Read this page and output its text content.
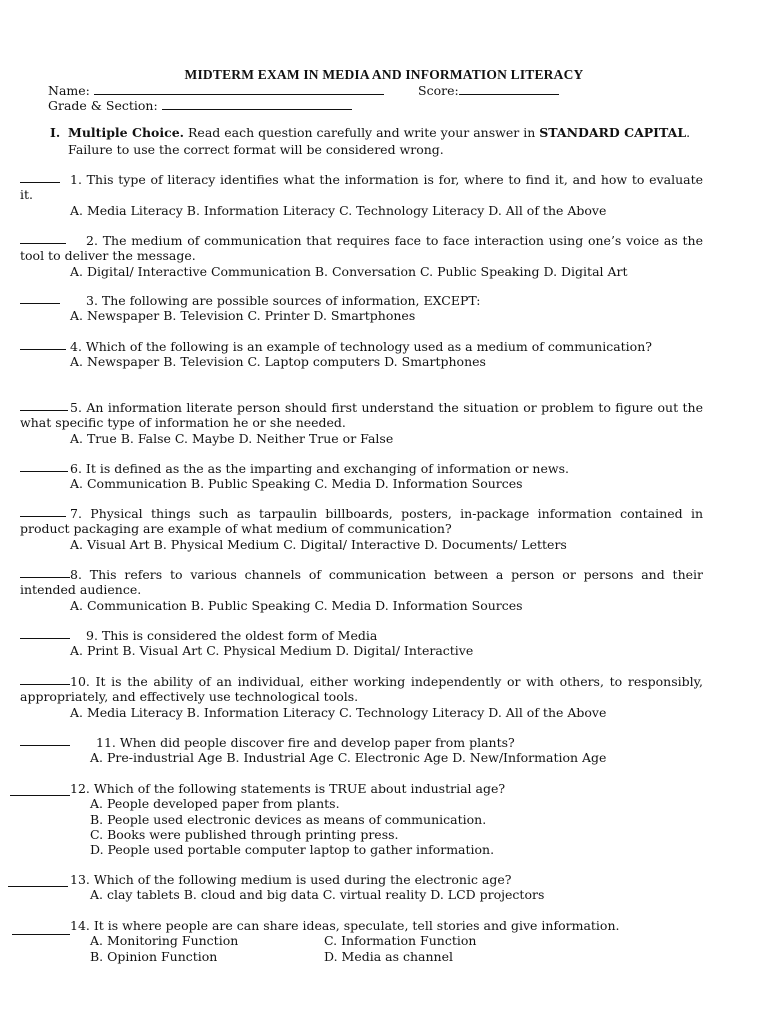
MIDTERM EXAM IN MEDIA AND INFORMATION LITERACY
Name:	Score:
Grade & Section:
I. Multiple Choice. Read each question carefully and write your answer in STANDARD CAPITAL. Failure to use the correct format will be considered wrong.
1. This type of literacy identifies what the information is for, where to find it, and how to evaluate it.
A. Media Literacy B. Information Literacy C. Technology Literacy D. All of the Above
2. The medium of communication that requires face to face interaction using one’s voice as the tool to deliver the message.
A. Digital/ Interactive Communication B. Conversation C. Public Speaking D. Digital Art
3. The following are possible sources of information, EXCEPT:
A. Newspaper B. Television C. Printer D. Smartphones
4. Which of the following is an example of technology used as a medium of communication?
A. Newspaper B. Television C. Laptop computers D. Smartphones
5. An information literate person should first understand the situation or problem to figure out the what specific type of information he or she needed.
A. True B. False C. Maybe D. Neither True or False
6. It is defined as the as the imparting and exchanging of information or news.
A. Communication B. Public Speaking C. Media D. Information Sources
7. Physical things such as tarpaulin billboards, posters, in-package information contained in product packaging are example of what medium of communication?
A. Visual Art B. Physical Medium C. Digital/ Interactive D. Documents/ Letters
8. This refers to various channels of communication between a person or persons and their intended audience.
A. Communication B. Public Speaking C. Media D. Information Sources
9. This is considered the oldest form of Media
A. Print B. Visual Art C. Physical Medium D. Digital/ Interactive
10. It is the ability of an individual, either working independently or with others, to responsibly, appropriately, and effectively use technological tools.
A. Media Literacy B. Information Literacy C. Technology Literacy D. All of the Above
11. When did people discover fire and develop paper from plants?
A. Pre-industrial Age B. Industrial Age C. Electronic Age D. New/Information Age
12. Which of the following statements is TRUE about industrial age?
A. People developed paper from plants.
B. People used electronic devices as means of communication.
C. Books were published through printing press.
D. People used portable computer laptop to gather information.
13. Which of the following medium is used during the electronic age?
A. clay tablets B. cloud and big data C. virtual reality D. LCD projectors
14. It is where people are can share ideas, speculate, tell stories and give information.
A. Monitoring Function	C. Information Function
B. Opinion Function	D. Media as channel
